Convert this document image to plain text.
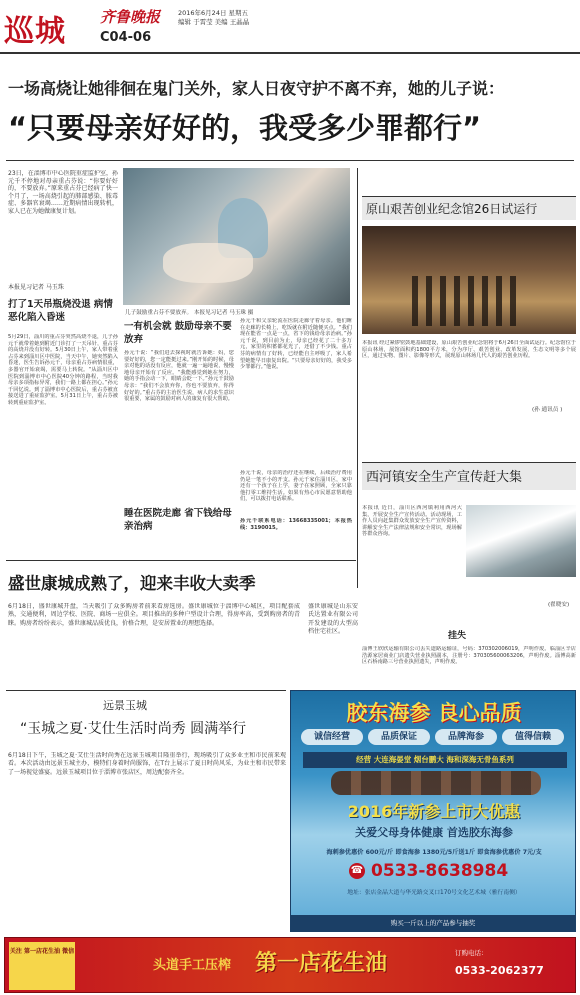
巡城 齐鲁晚报	2016年6月24日 星期五
编辑 于霄莹 美编 王晶晶
C04-06
一场高烧让她徘徊在鬼门关外，家人日夜守护不离不弃，她的儿子说：
“只要母亲好好的，我受多少罪都行”
23日，在淄博市中心医院重症监护室，孙元千不停地对母亲重占芬说：“你要好好的，不要放弃。”原来重占芬已经病了快一个月了，一场高烧引起的肺部感染、脓毒症、多器官衰竭……近期病情出现转机，家人已在为她做康复计划。
本报见习记者 马玉珠
儿子鼓励重占芬不要放弃。 本报见习记者 马玉珠 摄
打了1天吊瓶烧没退 病情恶化陷入昏迷
5月29日，淄川的重占芬突然高烧不退，儿子孙元千就带着她到附近门诊打了一天吊针，重占芬的高烧并没有好转。5月30日上午，家人带着重占芬来到淄川区中医院，当天中午，她突然陷入昏迷，医生告诉孙元千，母亲重占芬病情很重，多器官开始衰竭，需要马上转院。“从淄川区中医院到淄博市中心医院40分钟的路程，当时我母亲多项指标异常，我们一路上都在担心。”孙元千回忆说。到了淄博市中心医院后，重占芬被直接送进了重症监护室。5月31日上午，重占芬被转到重症监护室。
一有机会就 鼓励母亲不要放弃
孙元千说：“我们进去探视时就告诉她：妈，您要好好的，您一定能挺过来。”刚开始的时候，母亲对他的话没有反应，他就一遍一遍地说，慢慢地母亲开始有了反应。“我能感觉到她在努力，她的手指会动一下，眼睛会眨一下。”孙元千鼓励母亲：“我们不会放弃你，你也不要放弃，你得好好的。”重占芬的主治医生说，病人的求生意识很重要，家属的鼓励对病人的康复有很大帮助。
睡在医院走廊 省下钱给母亲治病
孙元千和父亲轮流在医院走廊守着母亲。他们睡在走廊的长椅上，吃饭就在附近随便买点。“我们现在能省一点是一点，省下的钱给母亲治病。”孙元千说，到目前为止，母亲已经花了二十多万元，家里的积蓄都花光了，还借了不少钱。重占芬的病情有了好转，已经能自主呼吸了，家人希望她能早日康复出院。“只要母亲好好的，我受多少罪都行。”他说。
孙元千说，母亲的治疗还在继续，后续治疗费用仍是一笔不小的开支。孙元千家住淄川区，家中还有一个孩子在上学，妻子在家照顾，全家只靠他打零工维持生活。如果有热心市民愿意帮助他们，可以拨打电话联系。
孙元千联系电话：13668335001；本报热线：3190015。
原山艰苦创业纪念馆26日试运行
本报讯 经过紧锣密鼓地基础建设，原山艰苦创业纪念馆将于6月26日全面试运行。纪念馆位于原山林场，展馆面积约1800平方米，分为序厅、艰苦创业、改革发展、生态文明等多个展区，通过实物、图片、影像等形式，展现原山林场几代人的艰苦创业历程。
(孙 通讯员 )
西河镇安全生产宣传赶大集
本报讯 近日，淄川区西河镇利用西河大集，开展安全生产宣传活动。活动现场，工作人员向赶集群众发放安全生产宣传资料，讲解安全生产法律法规和安全常识，现场解答群众咨询。
(翟晓安)
盛世康城成熟了，迎来丰收大卖季
6月18日，盛世康城开盘，当天吸引了众多购房者前来看房选房。盛世康城位于淄博中心城区，项目配套成熟，交通便利，周边学校、医院、商场一应俱全。项目推出的多种户型设计合理，得房率高，受到购房者的青睐。购房者纷纷表示，盛世康城品质优良，价格合理，是安居置业的理想选择。
盛世康城是山东安氏达置业有限公司开发建设的大型高档住宅社区。	挂失
淄博王欣欣运输有限公司丢失道路运输证，号码：370302006019，声明作废。临淄区辛店浩源家居商业门店遗失营业执照副本，注册号：370305600063206，声明作废。淄博高新区石桥南路三号营业执照遗失，声明作废。
远景玉城
“玉城之夏·艾仕生活时尚秀 圆满举行
6月18日下午，玉城之夏·艾仕生活时尚秀在远景玉城项目隆重举行，现场吸引了众多业主和市民前来观看。本次活动由远景玉城主办，模特们身着时尚服饰，在T台上展示了夏日时尚风采，为业主和市民带来了一场视觉盛宴。远景玉城项目位于淄博市张店区，周边配套齐全。
胶东海参 良心品质
诚信经营	品质保证	品牌海参	值得信赖
经营 大连海晏堂 烟台鹏大 海和深海无骨鱼系列
2016年新参上市大优惠
关爱父母身体健康 首选胶东海参
海刺参优惠价 600元/斤 即食海参 1380元/5斤送1斤 即食海参优惠价 7元/支
☎ 0533-8638984
地址：张店金晶大道与华光路交叉口170号文化艺术城（雅行南侧）
购买一斤以上的产品参与抽奖
关注 第一店花生油 微信
头道手工压榨 第一店花生油	订购电话：
0533-2062377
